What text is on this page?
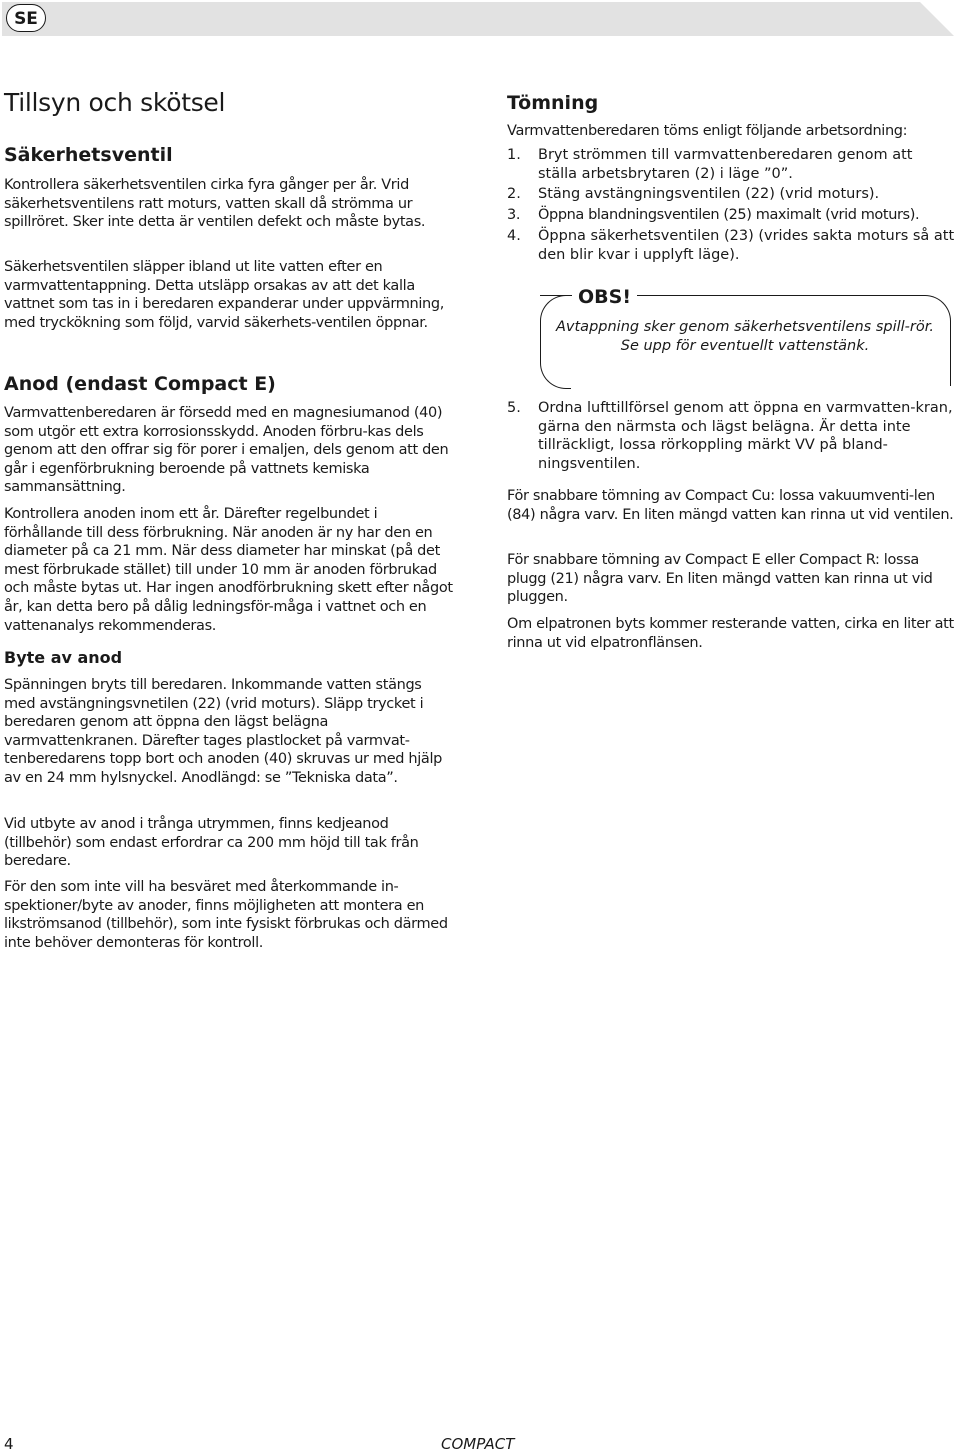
SE
Tillsyn och skötsel
Säkerhetsventil

Kontrollera säkerhetsventilen cirka fyra gånger per år. Vrid säkerhetsventilens ratt moturs, vatten skall då strömma ur spillröret. Sker inte detta är ventilen defekt och måste bytas.

Säkerhetsventilen släpper ibland ut lite vatten efter en varmvattentappning. Detta utsläpp orsakas av att det kalla vattnet som tas in i beredaren expanderar under uppvärmning, med tryckökning som följd, varvid säkerhets-ventilen öppnar.

Anod (endast Compact E)

Varmvattenberedaren är försedd med en magnesiumanod (40) som utgör ett extra korrosionsskydd. Anoden förbru-kas dels genom att den offrar sig för porer i emaljen, dels genom att den går i egenförbrukning beroende på vattnets kemiska sammansättning.

Kontrollera anoden inom ett år. Därefter regelbundet i förhållande till dess förbrukning. När anoden är ny har den en diameter på ca 21 mm. När dess diameter har minskat (på det mest förbrukade stället) till under 10 mm är anoden förbrukad och måste bytas ut. Har ingen anodförbrukning skett efter något år, kan detta bero på dålig ledningsför-måga i vattnet och en vattenanalys rekommenderas.

Byte av anod

Spänningen bryts till beredaren. Inkommande vatten stängs med avstängningsvnetilen (22) (vrid moturs). Släpp trycket i beredaren genom att öppna den lägst belägna varmvattenkranen. Därefter tages plastlocket på varmvat-tenberedarens topp bort och anoden (40) skruvas ur med hjälp av en 24 mm hylsnyckel. Anodlängd: se ”Tekniska data”.

Vid utbyte av anod i trånga utrymmen, finns kedjeanod (tillbehör) som endast erfordrar ca 200 mm höjd till tak från beredare.

För den som inte vill ha besväret med återkommande in-spektioner/byte av anoder, finns möjligheten att montera en likströmsanod (tillbehör), som inte fysiskt förbrukas och därmed inte behöver demonteras för kontroll.

Tömning

Varmvattenberedaren töms enligt följande arbetsordning:

1. Bryt strömmen till varmvattenberedaren genom att ställa arbetsbrytaren (2) i läge ”0”.
2. Stäng avstängningsventilen (22) (vrid moturs).
3. Öppna blandningsventilen (25) maximalt (vrid moturs).
4. Öppna säkerhetsventilen (23) (vrides sakta moturs så att den blir kvar i upplyft läge).
OBS!

Avtappning sker genom säkerhetsventilens spill-rör. Se upp för eventuellt vattenstänk.

5. Ordna lufttillförsel genom att öppna en varmvatten-kran, gärna den närmsta och lägst belägna. Är detta inte tillräckligt, lossa rörkoppling märkt VV på bland-ningsventilen.

För snabbare tömning av Compact Cu: lossa vakuumventi-len (84) några varv. En liten mängd vatten kan rinna ut vid ventilen.

För snabbare tömning av Compact E eller Compact R: lossa plugg (21) några varv. En liten mängd vatten kan rinna ut vid pluggen.

Om elpatronen byts kommer resterande vatten, cirka en liter att rinna ut vid elpatronflänsen.

4	COMPACT
